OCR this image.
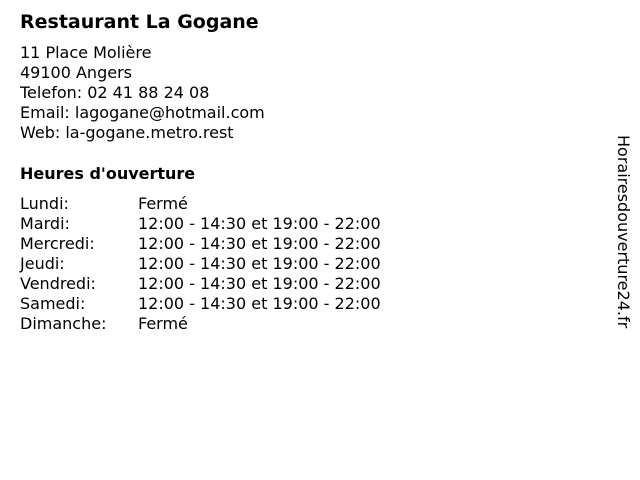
Restaurant La Gogane
11 Place Molière
49100 Angers
Telefon: 02 41 88 24 08
Email: lagogane@hotmail.com
Web: la-gogane.metro.rest
Heures d'ouverture
Lundi:	Fermé
Mardi:	12:00 - 14:30 et 19:00 - 22:00
Mercredi:	12:00 - 14:30 et 19:00 - 22:00
Jeudi:	12:00 - 14:30 et 19:00 - 22:00
Vendredi:	12:00 - 14:30 et 19:00 - 22:00
Samedi:	12:00 - 14:30 et 19:00 - 22:00
Dimanche:	Fermé	Horairesdouverture24.fr
